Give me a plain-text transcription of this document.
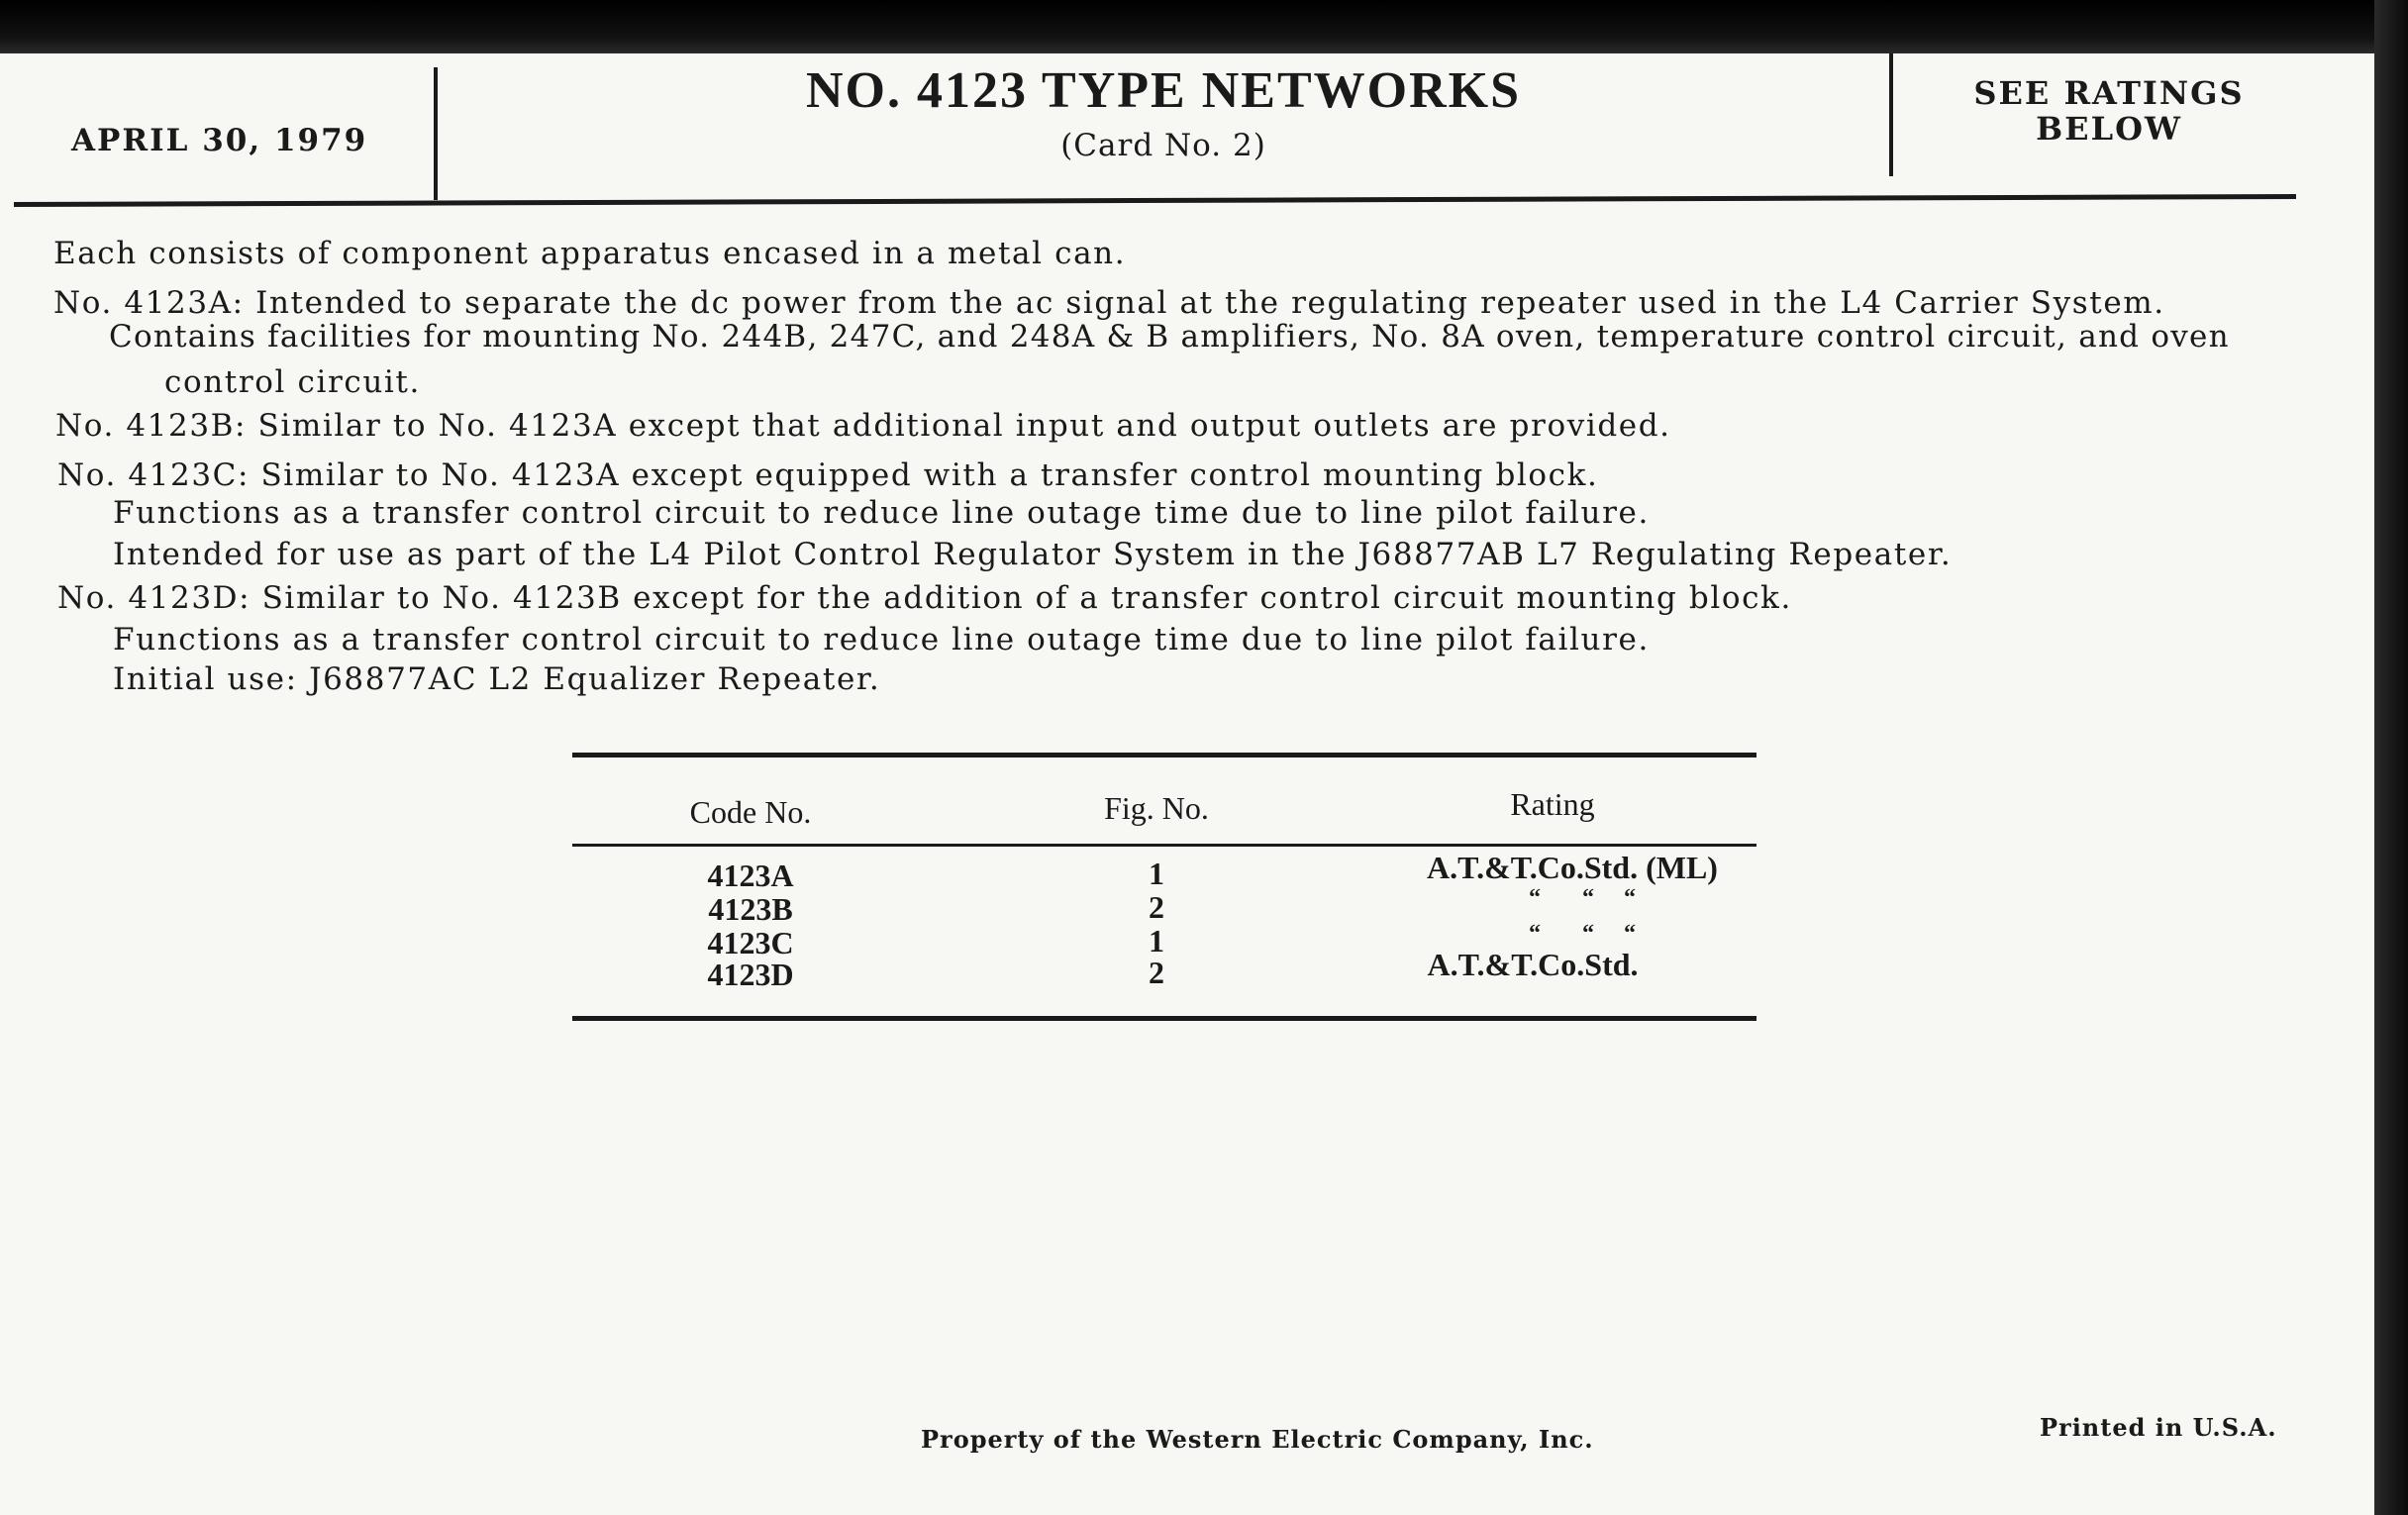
APRIL 30, 1979
NO. 4123 TYPE NETWORKS
(Card No. 2)
SEE RATINGS
BELOW
Each consists of component apparatus encased in a metal can.
No. 4123A: Intended to separate the dc power from the ac signal at the regulating repeater used in the L4 Carrier System.
Contains facilities for mounting No. 244B, 247C, and 248A & B amplifiers, No. 8A oven, temperature control circuit, and oven
control circuit.
No. 4123B: Similar to No. 4123A except that additional input and output outlets are provided.
No. 4123C: Similar to No. 4123A except equipped with a transfer control mounting block.
Functions as a transfer control circuit to reduce line outage time due to line pilot failure.
Intended for use as part of the L4 Pilot Control Regulator System in the J68877AB L7 Regulating Repeater.
No. 4123D: Similar to No. 4123B except for the addition of a transfer control circuit mounting block.
Functions as a transfer control circuit to reduce line outage time due to line pilot failure.
Initial use: J68877AC L2 Equalizer Repeater.
Code No.	Fig. No.	Rating
4123A	1	A.T.&T.Co.Std. (ML)
4123B	2	“       “     “
4123C	1	“       “     “
4123D	2	A.T.&T.Co.Std.
Property of the Western Electric Company, Inc.	Printed in U.S.A.
